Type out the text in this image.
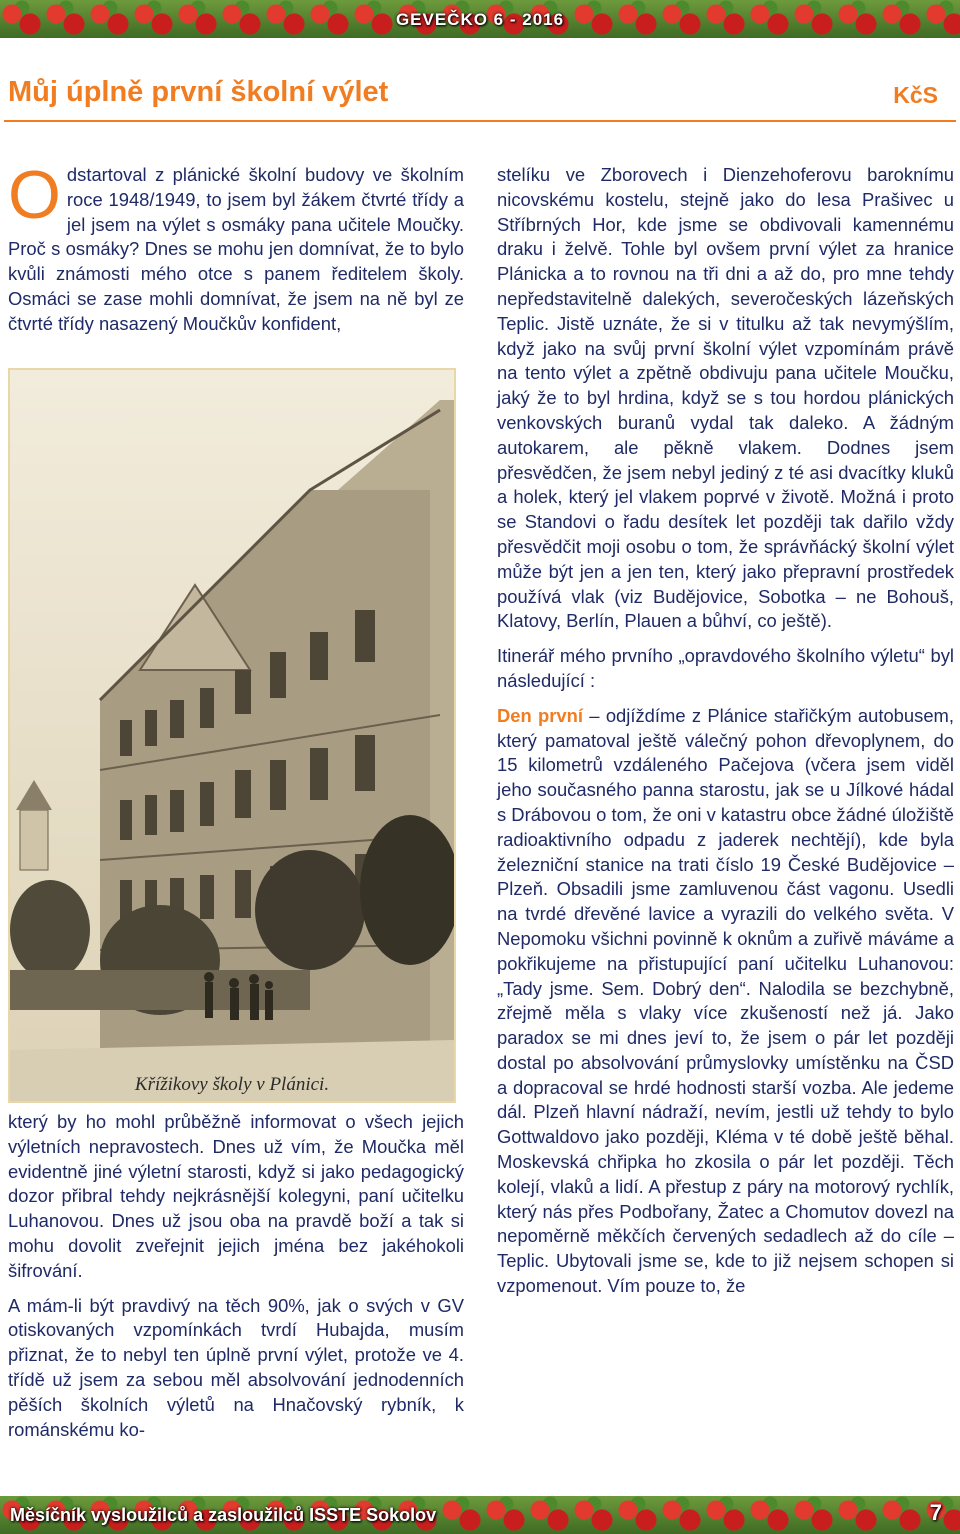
GEVEČKO 6 - 2016
Můj úplně první školní výlet	KčS

Odstartoval z plánické školní budovy ve školním roce 1948/1949, to jsem byl žákem čtvrté třídy a jel jsem na výlet s osmáky pana učitele Moučky. Proč s osmáky? Dnes se mohu jen domnívat, že to bylo kvůli známosti mého otce s panem ředitelem školy. Osmáci se zase mohli domnívat, že jsem na ně byl ze čtvrté třídy nasazený Moučkův konfident,

Křížikovy školy v Plánici.

který by ho mohl průběžně informovat o všech jejich výletních nepravostech. Dnes už vím, že Moučka měl evidentně jiné výletní starosti, když si jako pedagogický dozor přibral tehdy nejkrásnější kolegyni, paní učitelku Luhanovou. Dnes už jsou oba na pravdě boží a tak si mohu dovolit zveřejnit jejich jména bez jakéhokoli šifrování.

A mám-li být pravdivý na těch 90%, jak o svých v GV otiskovaných vzpomínkách tvrdí Hubajda, musím přiznat, že to nebyl ten úplně první výlet, protože ve 4. třídě už jsem za sebou měl absolvování jednodenních pěších školních výletů na Hnačovský rybník, k románskému ko-

stelíku ve Zborovech i Dienzehoferovu baroknímu nicovskému kostelu, stejně jako do lesa Prašivec u Stříbrných Hor, kde jsme se obdivovali kamennému draku i želvě. Tohle byl ovšem první výlet za hranice Plánicka a to rovnou na tři dni a až do, pro mne tehdy nepředstavitelně dalekých, severočeských lázeňských Teplic. Jistě uznáte, že si v titulku až tak nevymýšlím, když jako na svůj první školní výlet vzpomínám právě na tento výlet a zpětně obdivuju pana učitele Moučku, jaký že to byl hrdina, když se s tou hordou plánických venkovských buranů vydal tak daleko. A žádným autokarem, ale pěkně vlakem. Dodnes jsem přesvědčen, že jsem nebyl jediný z té asi dvacítky kluků a holek, který jel vlakem poprvé v životě. Možná i proto se Standovi o řadu desítek let později tak dařilo vždy přesvědčit moji osobu o tom, že správňácký školní výlet může být jen a jen ten, který jako přepravní prostředek používá vlak (viz Budějovice, Sobotka – ne Bohouš, Klatovy, Berlín, Plauen a bůhví, co ještě).

Itinerář mého prvního „opravdového školního výletu“ byl následující :

Den první – odjíždíme z Plánice stařičkým autobusem, který pamatoval ještě válečný pohon dřevoplynem, do 15 kilometrů vzdáleného Pačejova (včera jsem viděl jeho současného panna starostu, jak se u Jílkové hádal s Drábovou o tom, že oni v katastru obce žádné úložiště radioaktivního odpadu z jaderek nechtějí), kde byla železniční stanice na trati číslo 19 České Budějovice – Plzeň. Obsadili jsme zamluvenou část vagonu. Usedli na tvrdé dřevěné lavice a vyrazili do velkého světa. V Nepomoku všichni povinně k oknům a zuřivě máváme a pokřikujeme na přistupující paní učitelku Luhanovou: „Tady jsme. Sem. Dobrý den“. Nalodila se bezchybně, zřejmě měla s vlaky více zkušeností než já. Jako paradox se mi dnes jeví to, že jsem o pár let později dostal po absolvování průmyslovky umístěnku na ČSD a dopracoval se hrdé hodnosti starší vozba. Ale jedeme dál. Plzeň hlavní nádraží, nevím, jestli už tehdy to bylo Gottwaldovo jako později, Kléma v té době ještě běhal. Moskevská chřipka ho zkosila o pár let později. Těch kolejí, vlaků a lidí. A přestup z páry na motorový rychlík, který nás přes Podbořany, Žatec a Chomutov dovezl na nepoměrně měkčích červených sedadlech až do cíle – Teplic. Ubytovali jsme se, kde to již nejsem schopen si vzpomenout. Vím pouze to, že

Měsíčník vysloužilců a zasloužilců ISSTE Sokolov	7
